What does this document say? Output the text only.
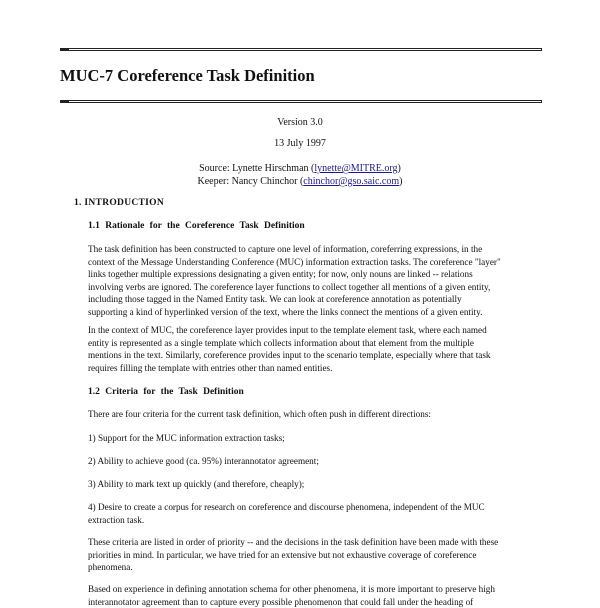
MUC-7 Coreference Task Definition
Version 3.0
13 July 1997
Source: Lynette Hirschman (lynette@MITRE.org)
Keeper: Nancy Chinchor (chinchor@gso.saic.com)
1. INTRODUCTION
1.1 Rationale for the Coreference Task Definition
The task definition has been constructed to capture one level of information, coreferring expressions, in the
context of the Message Understanding Conference (MUC) information extraction tasks. The coreference "layer"
links together multiple expressions designating a given entity; for now, only nouns are linked -- relations
involving verbs are ignored. The coreference layer functions to collect together all mentions of a given entity,
including those tagged in the Named Entity task. We can look at coreference annotation as potentially
supporting a kind of hyperlinked version of the text, where the links connect the mentions of a given entity.
In the context of MUC, the coreference layer provides input to the template element task, where each named
entity is represented as a single template which collects information about that element from the multiple
mentions in the text. Similarly, coreference provides input to the scenario template, especially where that task
requires filling the template with entries other than named entities.
1.2 Criteria for the Task Definition
There are four criteria for the current task definition, which often push in different directions:
1) Support for the MUC information extraction tasks;
2) Ability to achieve good (ca. 95%) interannotator agreement;
3) Ability to mark text up quickly (and therefore, cheaply);
4) Desire to create a corpus for research on coreference and discourse phenomena, independent of the MUC
extraction task.
These criteria are listed in order of priority -- and the decisions in the task definition have been made with these
priorities in mind. In particular, we have tried for an extensive but not exhaustive coverage of coreference
phenomena.
Based on experience in defining annotation schema for other phenomena, it is more important to preserve high
interannotator agreement than to capture every possible phenomenon that could fall under the heading of
